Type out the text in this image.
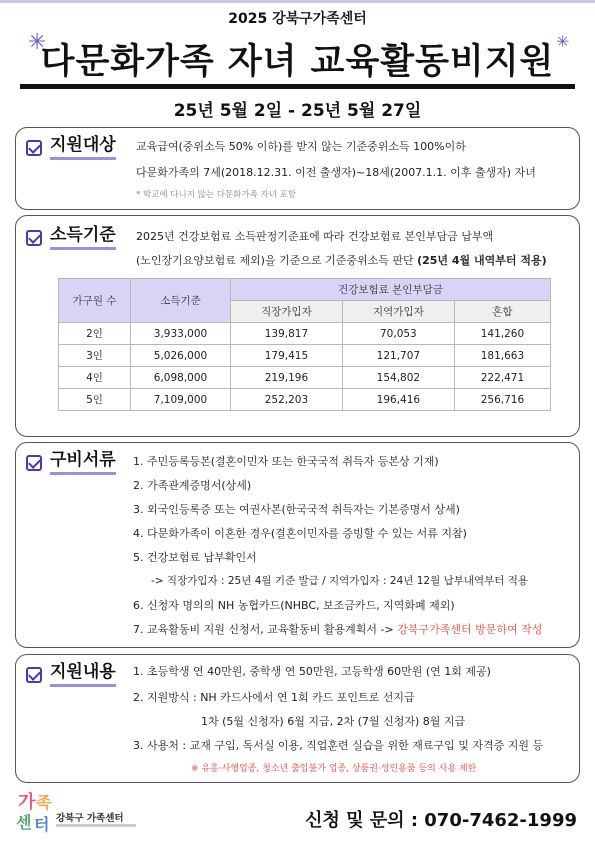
2025 강북구가족센터
✳	✳
다문화가족 자녀 교육활동비지원
25년 5월 2일 - 25년 5월 27일
지원대상 교육급여(중위소득 50% 이하)를 받지 않는 기준중위소득 100%이하
다문화가족의 7세(2018.12.31. 이전 출생자)~18세(2007.1.1. 이후 출생자) 자녀
* 학교에 다니지 않는 다문화가족 자녀 포함
소득기준 2025년 건강보험료 소득판정기준표에 따라 건강보험료 본인부담금 납부액
(노인장기요양보험료 제외)을 기준으로 기준중위소득 판단 (25년 4월 내역부터 적용)
가구원 수	소득기준	건강보험료 본인부담금		
		직장가입자	지역가입자	혼합
2인	3,933,000	139,817	70,053	141,260
3인	5,026,000	179,415	121,707	181,663
4인	6,098,000	219,196	154,802	222,471
5인	7,109,000	252,203	196,416	256,716
구비서류 1. 주민등록등본(결혼이민자 또는 한국국적 취득자 등본상 기재)
2. 가족관계증명서(상세)
3. 외국인등록증 또는 여권사본(한국국적 취득자는 기본증명서 상세)
4. 다문화가족이 이혼한 경우(결혼이민자를 증빙할 수 있는 서류 지참)
5. 건강보험료 납부확인서
-> 직장가입자 : 25년 4월 기준 발급 / 지역가입자 : 24년 12월 납부내역부터 적용
6. 신청자 명의의 NH 농협카드(NHBC, 보조금카드, 지역화폐 제외)
7. 교육활동비 지원 신청서, 교육활동비 활용계획서 -> 강북구가족센터 방문하여 작성
지원내용 1. 초등학생 연 40만원, 중학생 연 50만원, 고등학생 60만원 (연 1회 제공)
2. 지원방식 : NH 카드사에서 연 1회 카드 포인트로 선지급
1차 (5월 신청자) 6월 지급, 2차 (7월 신청자) 8월 지급
3. 사용처 : 교재 구입, 독서실 이용, 직업훈련 실습을 위한 재료구입 및 자격증 지원 등
※ 유흥·사행업종, 청소년 출입불가 업종, 상품권·성인용품 등의 사용 제한
가 족
센 터 강북구 가족센터	신청 및 문의 : 070-7462-1999
